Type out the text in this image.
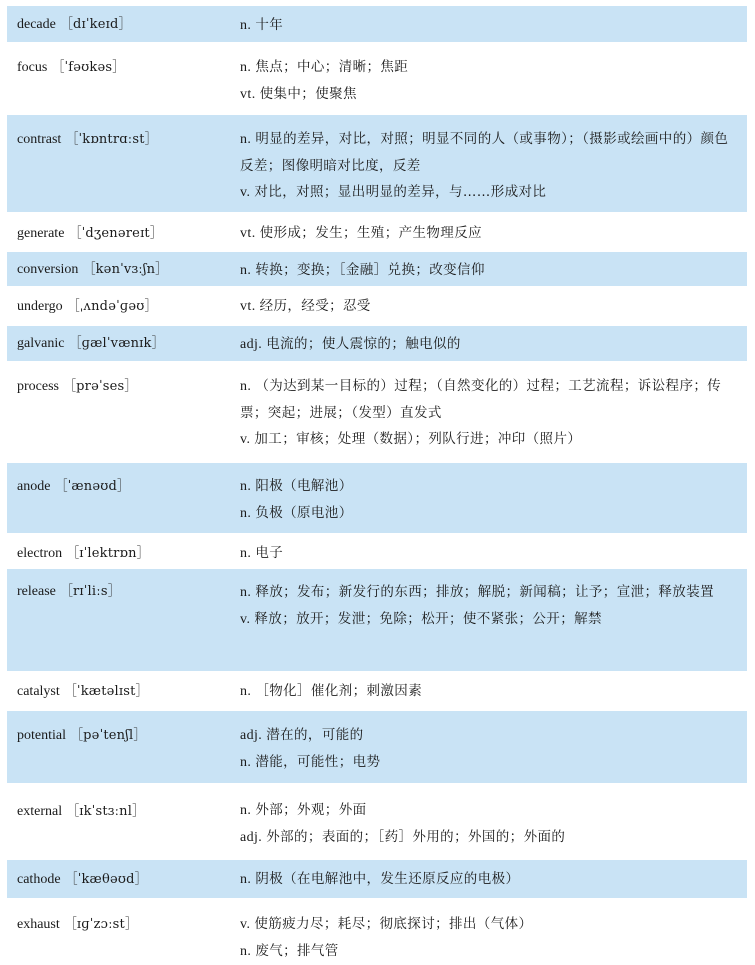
decade ［dɪˈkeɪd］	n. 十年
focus ［ˈfəʊkəs］	n. 焦点；中心；清晰；焦距
vt. 使集中；使聚焦
contrast ［ˈkɒntrɑːst］	n. 明显的差异，对比，对照；明显不同的人（或事物）；（摄影或绘画中的）颜色反差；图像明暗对比度，反差
v. 对比，对照；显出明显的差异，与……形成对比
generate ［ˈdʒenəreɪt］	vt. 使形成；发生；生殖；产生物理反应
conversion ［kənˈvɜːʃn］	n. 转换；变换；［金融］兑换；改变信仰
undergo ［ˌʌndəˈɡəʊ］	vt. 经历，经受；忍受
galvanic ［ɡælˈvænɪk］	adj. 电流的；使人震惊的；触电似的
process ［prəˈses］	n. （为达到某一目标的）过程；（自然变化的）过程；工艺流程；诉讼程序；传票；突起；进展；（发型）直发式
v. 加工；审核；处理（数据）；列队行进；冲印（照片）
anode ［ˈænəʊd］	n. 阳极（电解池）
n. 负极（原电池）
electron ［ɪˈlektrɒn］	n. 电子
release ［rɪˈliːs］	n. 释放；发布；新发行的东西；排放；解脱；新闻稿；让予；宣泄；释放装置
v. 释放；放开；发泄；免除；松开；使不紧张；公开；解禁
catalyst ［ˈkætəlɪst］	n. ［物化］催化剂；刺激因素
potential ［pəˈtenʃl］	adj. 潜在的，可能的
n. 潜能，可能性；电势
external ［ɪkˈstɜːnl］	n. 外部；外观；外面
adj. 外部的；表面的；［药］外用的；外国的；外面的
cathode ［ˈkæθəʊd］	n. 阴极（在电解池中，发生还原反应的电极）
exhaust ［ɪɡˈzɔːst］	v. 使筋疲力尽；耗尽；彻底探讨；排出（气体）
n. 废气；排气管
